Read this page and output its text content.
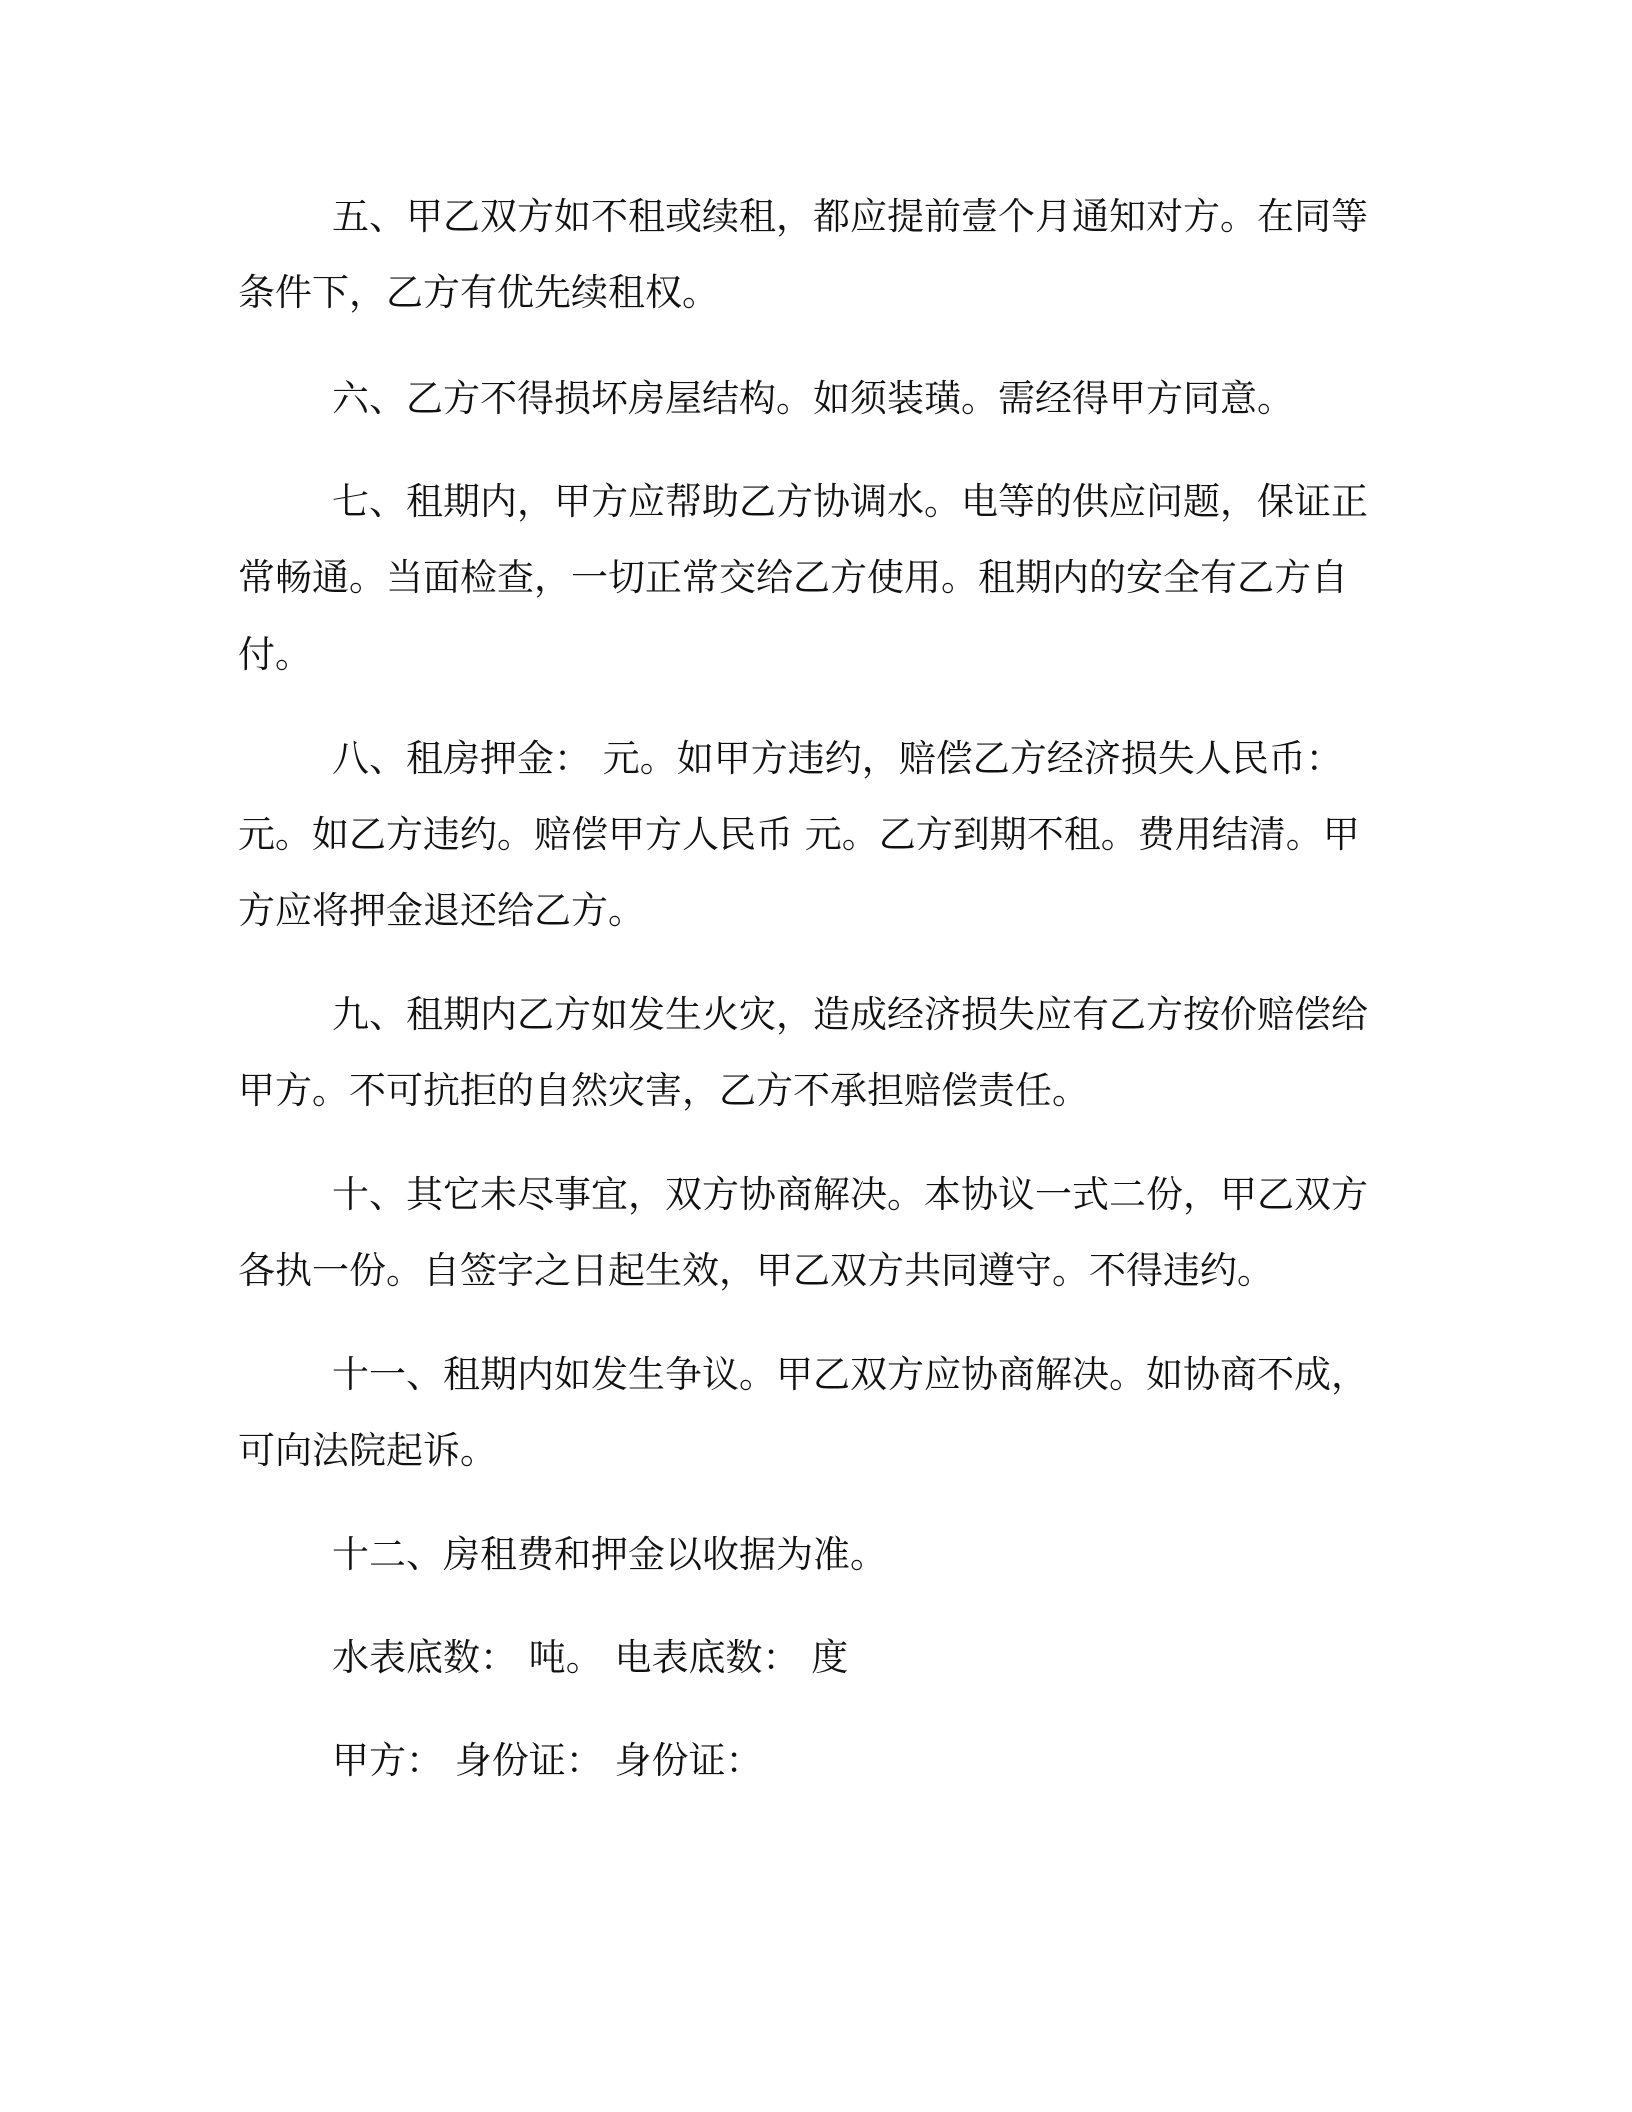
五、甲乙双方如不租或续租，都应提前壹个月通知对方。在同等

条件下，乙方有优先续租权。

六、乙方不得损坏房屋结构。如须装璜。需经得甲方同意。

七、租期内，甲方应帮助乙方协调水。电等的供应问题，保证正

常畅通。当面检查，一切正常交给乙方使用。租期内的安全有乙方自

付。

八、租房押金： 元。如甲方违约，赔偿乙方经济损失人民币：

元。如乙方违约。赔偿甲方人民币 元。乙方到期不租。费用结清。甲

方应将押金退还给乙方。

九、租期内乙方如发生火灾，造成经济损失应有乙方按价赔偿给

甲方。不可抗拒的自然灾害，乙方不承担赔偿责任。

十、其它未尽事宜，双方协商解决。本协议一式二份，甲乙双方

各执一份。自签字之日起生效，甲乙双方共同遵守。不得违约。

十一、租期内如发生争议。甲乙双方应协商解决。如协商不成，

可向法院起诉。

十二、房租费和押金以收据为准。

水表底数： 吨。 电表底数： 度

甲方： 身份证： 身份证：
